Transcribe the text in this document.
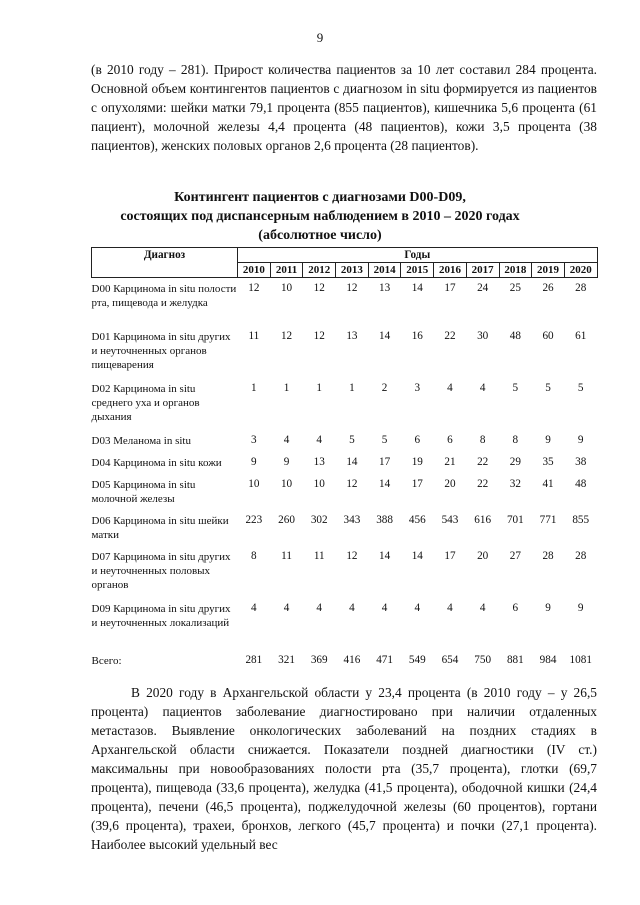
9

(в 2010 году – 281). Прирост количества пациентов за 10 лет составил 284 процента. Основной объем контингентов пациентов с диагнозом in situ формируется из пациентов с опухолями: шейки матки 79,1 процента (855 пациентов), кишечника 5,6 процента (61 пациент), молочной железы 4,4 процента (48 пациентов), кожи 3,5 процента (38 пациентов), женских половых органов 2,6 процента (28 пациентов).

Контингент пациентов с диагнозами D00-D09,
состоящих под диспансерным наблюдением в 2010 – 2020 годах
(абсолютное число)
Диагноз	Годы										
	2010	2011	2012	2013	2014	2015	2016	2017	2018	2019	2020
D00 Карцинома in situ полости рта, пищевода и желудка	12	10	12	12	13	14	17	24	25	26	28
D01 Карцинома in situ других и неуточненных органов пищеварения	11	12	12	13	14	16	22	30	48	60	61
D02 Карцинома in situ среднего уха и органов дыхания	1	1	1	1	2	3	4	4	5	5	5
D03 Меланома in situ	3	4	4	5	5	6	6	8	8	9	9
D04 Карцинома in situ кожи	9	9	13	14	17	19	21	22	29	35	38
D05 Карцинома in situ молочной железы	10	10	10	12	14	17	20	22	32	41	48
D06 Карцинома in situ шейки матки	223	260	302	343	388	456	543	616	701	771	855
D07 Карцинома in situ других и неуточненных половых органов	8	11	11	12	14	14	17	20	27	28	28
D09 Карцинома in situ других и неуточненных локализаций	4	4	4	4	4	4	4	4	6	9	9
Всего:	281	321	369	416	471	549	654	750	881	984	1081

В 2020 году в Архангельской области у 23,4 процента (в 2010 году – у 26,5 процента) пациентов заболевание диагностировано при наличии отдаленных метастазов. Выявление онкологических заболеваний на поздних стадиях в Архангельской области снижается. Показатели поздней диагностики (IV ст.) максимальны при новообразованиях полости рта (35,7 процента), глотки (69,7 процента), пищевода (33,6 процента), желудка (41,5 процента), ободочной кишки (24,4 процента), печени (46,5 процента), поджелудочной железы (60 процентов), гортани (39,6 процента), трахеи, бронхов, легкого (45,7 процента) и почки (27,1 процента). Наиболее высокий удельный вес
